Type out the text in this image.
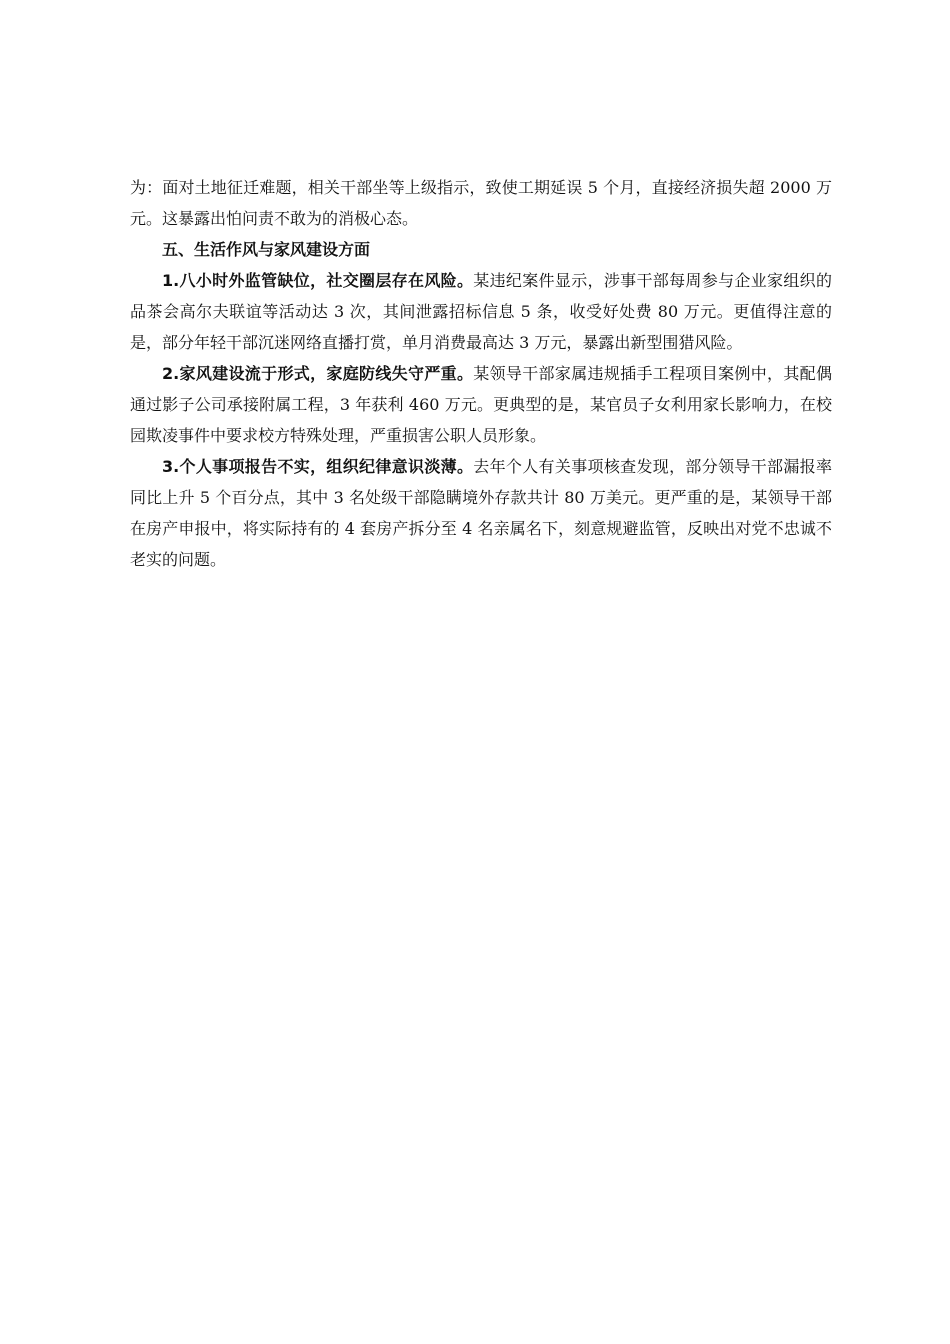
为：面对土地征迁难题，相关干部坐等上级指示，致使工期延误 5 个月，直接经济损失超 2000 万元。这暴露出怕问责不敢为的消极心态。

五、生活作风与家风建设方面

1.八小时外监管缺位，社交圈层存在风险。某违纪案件显示，涉事干部每周参与企业家组织的品茶会高尔夫联谊等活动达 3 次，其间泄露招标信息 5 条，收受好处费 80 万元。更值得注意的是，部分年轻干部沉迷网络直播打赏，单月消费最高达 3 万元，暴露出新型围猎风险。

2.家风建设流于形式，家庭防线失守严重。某领导干部家属违规插手工程项目案例中，其配偶通过影子公司承接附属工程，3 年获利 460 万元。更典型的是，某官员子女利用家长影响力，在校园欺凌事件中要求校方特殊处理，严重损害公职人员形象。

3.个人事项报告不实，组织纪律意识淡薄。去年个人有关事项核查发现，部分领导干部漏报率同比上升 5 个百分点，其中 3 名处级干部隐瞒境外存款共计 80 万美元。更严重的是，某领导干部在房产申报中，将实际持有的 4 套房产拆分至 4 名亲属名下，刻意规避监管，反映出对党不忠诚不老实的问题。
